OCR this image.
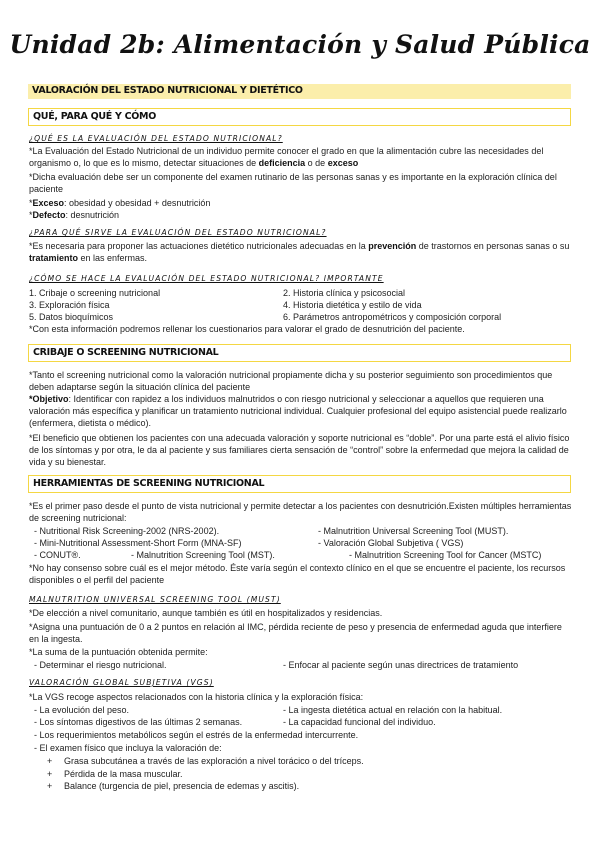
Unidad 2b: Alimentación y Salud Pública
VALORACIÓN DEL ESTADO NUTRICIONAL Y DIETÉTICO
QUÉ, PARA QUÉ Y CÓMO
¿QUÉ ES LA EVALUACIÓN DEL ESTADO NUTRICIONAL?
*La Evaluación del Estado Nutricional de un individuo permite conocer el grado en que la alimentación cubre las necesidades del organismo o, lo que es lo mismo, detectar situaciones de deficiencia o de exceso
*Dicha evaluación debe ser un componente del examen rutinario de las personas sanas y es importante en la exploración clínica del paciente
*Exceso: obesidad y obesidad + desnutrición
*Defecto: desnutrición
¿PARA QUÉ SIRVE LA EVALUACIÓN DEL ESTADO NUTRICIONAL?
*Es necesaria para proponer las actuaciones dietético nutricionales adecuadas en la prevención de trastornos en personas sanas o su tratamiento en las enfermas.
¿CÓMO SE HACE LA EVALUACIÓN DEL ESTADO NUTRICIONAL? IMPORTANTE
1. Cribaje o screening nutricional	2. Historia clínica y psicosocial
3. Exploración física	4. Historia dietética y estilo de vida
5. Datos bioquímicos	6. Parámetros antropométricos y composición corporal
*Con esta información podremos rellenar los cuestionarios para valorar el grado de desnutrición del paciente.
CRIBAJE O SCREENING NUTRICIONAL
*Tanto el screening nutricional como la valoración nutricional propiamente dicha y su posterior seguimiento son procedimientos que deben adaptarse según la situación clínica del paciente
*Objetivo: Identificar con rapidez a los individuos malnutridos o con riesgo nutricional y seleccionar a aquellos que requieren una valoración más específica y planificar un tratamiento nutricional individual. Cualquier profesional del equipo asistencial puede realizarlo (enfermera, dietista o médico).
*El beneficio que obtienen los pacientes con una adecuada valoración y soporte nutricional es “doble”. Por una parte está el alivio físico de los síntomas y por otra, le da al paciente y sus familiares cierta sensación de “control” sobre la enfermedad que mejora la calidad de vida y su bienestar.
HERRAMIENTAS DE SCREENING NUTRICIONAL
*Es el primer paso desde el punto de vista nutricional y permite detectar a los pacientes con desnutrición.Existen múltiples herramientas de screening nutricional:
- Nutritional Risk Screening-2002 (NRS-2002).	- Malnutrition Universal Screening Tool (MUST).
- Mini-Nutritional Assessment-Short Form (MNA-SF)	- Valoración Global Subjetiva ( VGS)
- CONUT®.	- Malnutrition Screening Tool (MST).	- Malnutrition Screening Tool for Cancer (MSTC)
*No hay consenso sobre cuál es el mejor método. Éste varía según el contexto clínico en el que se encuentre el paciente, los recursos disponibles o el perfil del paciente
MALNUTRITION UNIVERSAL SCREENING TOOL (MUST)
*De elección a nivel comunitario, aunque también es útil en hospitalizados y residencias.
*Asigna una puntuación de 0 a 2 puntos en relación al IMC, pérdida reciente de peso y presencia de enfermedad aguda que interfiere en la ingesta.
*La suma de la puntuación obtenida permite:
- Determinar el riesgo nutricional.	- Enfocar al paciente según unas directrices de tratamiento
VALORACIÓN GLOBAL SUBJETIVA (VGS)
*La VGS recoge aspectos relacionados con la historia clínica y la exploración física:
- La evolución del peso.	- La ingesta dietética actual en relación con la habitual.
- Los síntomas digestivos de las últimas 2 semanas.	- La capacidad funcional del individuo.
- Los requerimientos metabólicos según el estrés de la enfermedad intercurrente.
- El examen físico que incluya la valoración de:
+ Grasa subcutánea a través de las exploración a nivel torácico o del tríceps.
+ Pérdida de la masa muscular.
+ Balance (turgencia de piel, presencia de edemas y ascitis).
